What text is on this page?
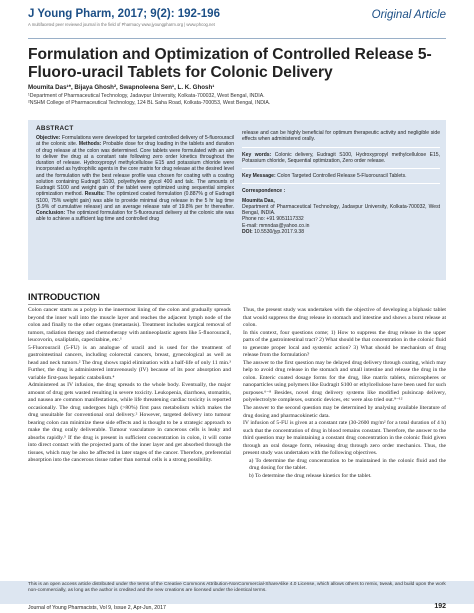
J Young Pharm, 2017; 9(2): 192-196
A multifaceted peer reviewed journal in the field of Pharmacy www.jyoungpharm.org | www.phcog.net
Original Article
Formulation and Optimization of Controlled Release 5-Fluoro-uracil Tablets for Colonic Delivery
Moumita Das¹*, Bijaya Ghosh², Swapnoleena Sen¹, L. K. Ghosh¹
¹Department of Pharmaceutical Technology, Jadavpur University, Kolkata-700032, West Bengal, INDIA.
²NSHM College of Pharmaceutical Technology, 124 BL Saha Road, Kolkata-700053, West Bengal, INDIA.
ABSTRACT
Objective: Formulations were developed for targeted controlled delivery of 5-fluorouracil at the colonic site. Methods: Probable dose for drug loading in the tablets and duration of drug release at the colon was determined. Core tablets were formulated with an aim to deliver the drug at a constant rate following zero order kinetics throughout the duration of release. Hydroxypropyl methylcellulose E15 and potassium chloride were incorporated as hydrophilic agents in the core matrix for drug release at the desired level and the formulation with the best release profile was chosen for coating with a coating solution containing Eudragit S100, polyethylene glycol 400 and talc. The amounts of Eudragit S100 and weight gain of the tablet were optimized using sequential simplex optimization method. Results: The optimized coated formulation (0.887% g of Eudragit S100, 75% weight gain) was able to provide minimal drug release in the 5 hr lag time (5.9% of cumulative release) and an average release rate of 19.8% per hr thereafter. Conclusion: The optimized formulation for 5-fluorouracil delivery at the colonic site was able to achieve a sufficient lag time and controlled drug
release and can be highly beneficial for optimum therapeutic activity and negligible side effects when administered orally.
Key words: Colonic delivery, Eudragit S100, Hydroxypropyl methylcellulose E15, Potassium chloride, Sequential optimization, Zero order release.
Key Message: Colon Targeted Controlled Release 5-Fluorouracil Tablets.
Correspondence :
Moumita Das,
Department of Pharmaceutical Technology, Jadavpur University, Kolkata-700032, West Bengal, INDIA.
Phone no: +91 9051117332
E-mail: mmndas@yahoo.co.in
DOI: 10.5530/jyp.2017.9.38
INTRODUCTION

Colon cancer starts as a polyp in the innermost lining of the colon and gradually spreads beyond the inner wall into the muscle layer and reaches the adjacent lymph node of the colon and finally to the other organs (metastasis). Treatment includes surgical removal of tumors, radiation therapy and chemotherapy with antineoplastic agents like 5-fluorouracil, leucovorin, oxaliplatin, capecitabine, etc.¹

5-Fluorouracil (5-FU) is an analogue of uracil and is used for the treatment of gastrointestinal cancers, including colorectal cancers, breast, gynecological as well as head and neck tumors.² The drug shows rapid elimination with a half-life of only 11 min.³ Further, the drug is administered intravenously (IV) because of its poor absorption and variable first-pass hepatic catabolism.⁴

Administered as IV infusion, the drug spreads to the whole body. Eventually, the major amount of drug gets wasted resulting in severe toxicity. Leukopenia, diarrhoea, stomatitis, and nausea are common manifestations, while life threatening cardiac toxicity is reported occasionally. The drug undergoes high (>80%) first pass metabolism which makes the drug unsuitable for conventional oral delivery.² However, targeted delivery into tumour bearing colon can minimize these side effects and is thought to be a strategic approach to make the drug orally deliverable. Tumour vasculature in cancerous cells is leaky and absorbs rapidly.⁵ If the drug is present in sufficient concentration in colon, it will come into direct contact with the projected parts of the inner layer and get absorbed through the tissues, which may be also be affected in later stages of the cancer. Therefore, preferential absorption into the cancerous tissue rather than normal cells is a strong possibility.

Thus, the present study was undertaken with the objective of developing a biphasic tablet that would suppress the drug release in stomach and intestine and shows a burst release at colon.

In this context, four questions come; 1) How to suppress the drug release in the upper parts of the gastrointestinal tract? 2) What should be that concentration in the colonic fluid to generate proper local and systemic action? 3) What should be mechanism of drug release from the formulation?

The answer to the first question may be delayed drug delivery through coating, which may help to avoid drug release in the stomach and small intestine and release the drug in the colon. Enteric coated dosage forms for the drug, like matrix tablets, microspheres or nanoparticles using polymers like Eudragit S100 or ethylcellulose have been used for such purposes.⁶⁻⁸ Besides, novel drug delivery systems like modified pulsincap delivery, polyelectrolyte complexes, osmotic devices, etc were also tried out.⁹⁻¹²

The answer to the second question may be determined by analysing available literature of drug dosing and pharmacokinetic data.

IV infusion of 5-FU is given at a constant rate (30-2600 mg/m² for a total duration of 4 h) such that the concentration of drug in blood remains constant. Therefore, the answer to the third question may be maintaining a constant drug concentration in the colonic fluid given through an oral dosage form, releasing drug through zero order mechanics. Thus, the present study was undertaken with the following objectives.

a) To determine the drug concentration to be maintained in the colonic fluid and the drug dosing for the tablet.
b) To determine the drug release kinetics for the tablet.
This is an open access article distributed under the terms of the Creative Commons Attribution-NonCommercial-ShareAlike 4.0 License, which allows others to remix, tweak, and build upon the work non-commercially, as long as the author is credited and the new creations are licensed under the identical terms.
Journal of Young Pharmacists, Vol 9, Issue 2, Apr-Jun, 2017	192
